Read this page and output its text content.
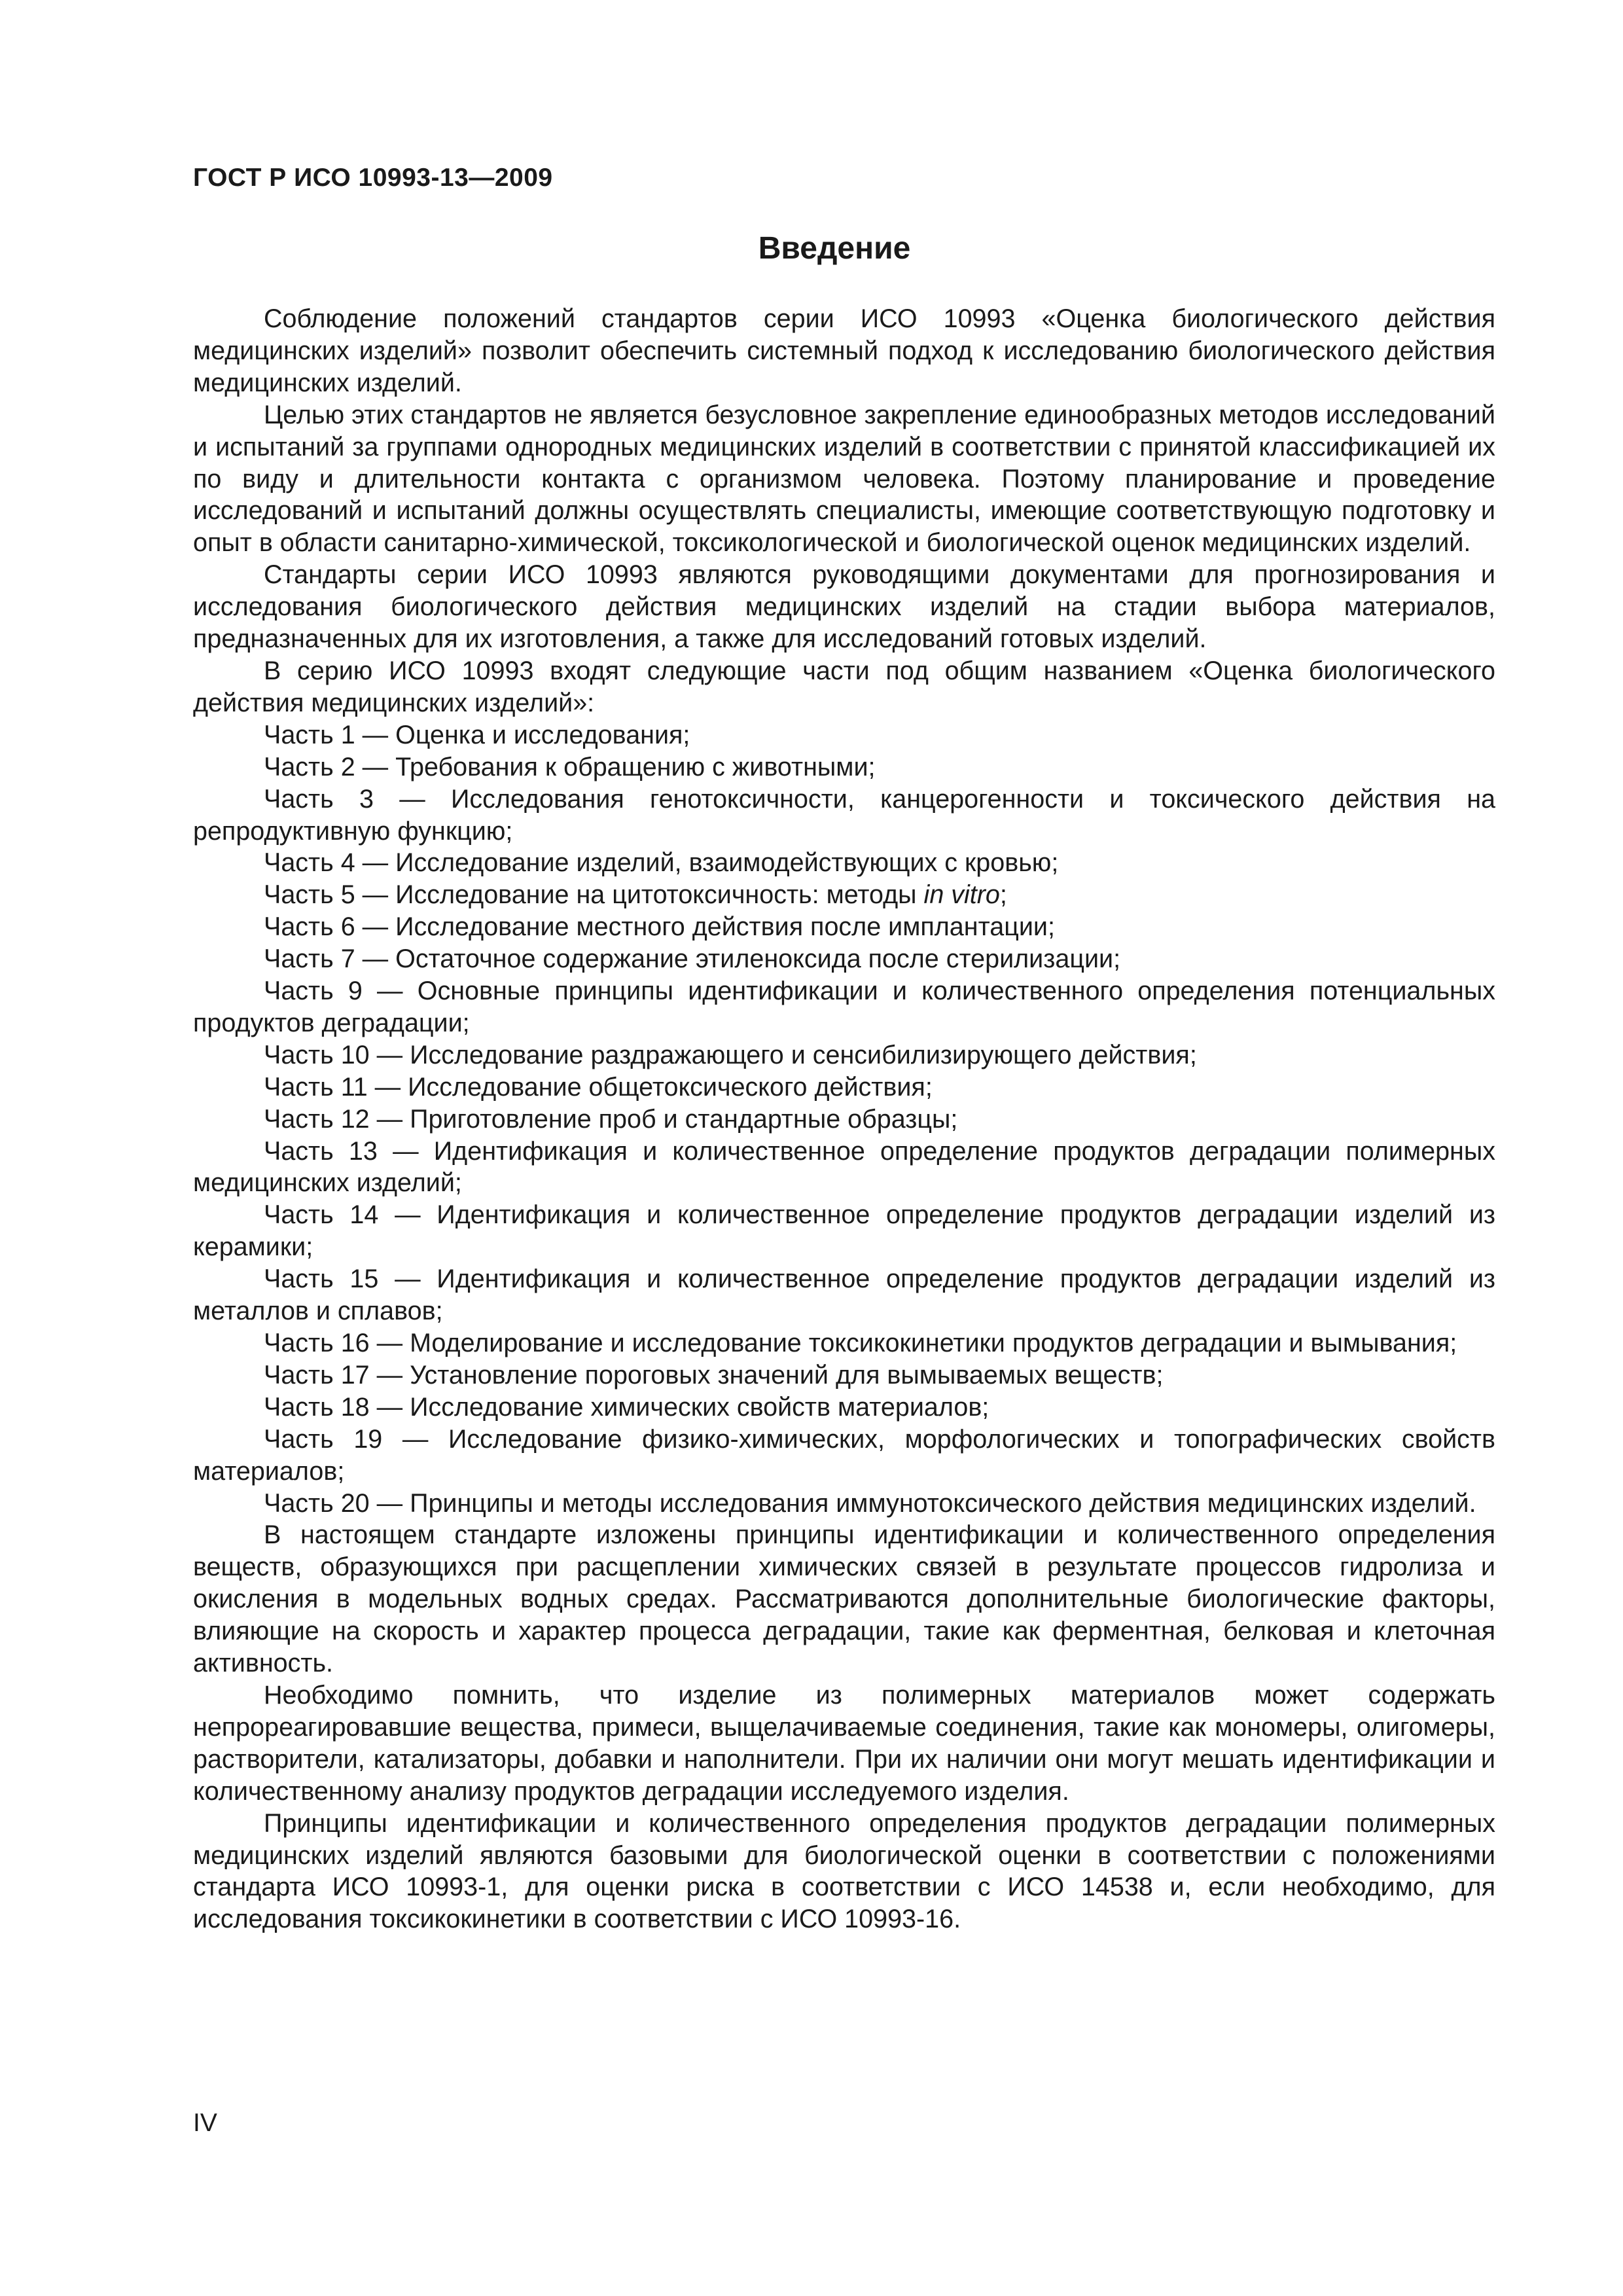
ГОСТ Р ИСО 10993-13—2009
Введение

Соблюдение положений стандартов серии ИСО 10993 «Оценка биологического действия медицинских изделий» позволит обеспечить системный подход к исследованию биологического действия медицинских изделий.

Целью этих стандартов не является безусловное закрепление единообразных методов исследований и испытаний за группами однородных медицинских изделий в соответствии с принятой классификацией их по виду и длительности контакта с организмом человека. Поэтому планирование и проведение исследований и испытаний должны осуществлять специалисты, имеющие соответствующую подготовку и опыт в области санитарно-химической, токсикологической и биологической оценок медицинских изделий.

Стандарты серии ИСО 10993 являются руководящими документами для прогнозирования и исследования биологического действия медицинских изделий на стадии выбора материалов, предназначенных для их изготовления, а также для исследований готовых изделий.

В серию ИСО 10993 входят следующие части под общим названием «Оценка биологического действия медицинских изделий»:

Часть 1 — Оценка и исследования;

Часть 2 — Требования к обращению с животными;

Часть 3 — Исследования генотоксичности, канцерогенности и токсического действия на репродуктивную функцию;

Часть 4 — Исследование изделий, взаимодействующих с кровью;

Часть 5 — Исследование на цитотоксичность: методы in vitro;

Часть 6 — Исследование местного действия после имплантации;

Часть 7 — Остаточное содержание этиленоксида после стерилизации;

Часть 9 — Основные принципы идентификации и количественного определения потенциальных продуктов деградации;

Часть 10 — Исследование раздражающего и сенсибилизирующего действия;

Часть 11 — Исследование общетоксического действия;

Часть 12 — Приготовление проб и стандартные образцы;

Часть 13 — Идентификация и количественное определение продуктов деградации полимерных медицинских изделий;

Часть 14 — Идентификация и количественное определение продуктов деградации изделий из керамики;

Часть 15 — Идентификация и количественное определение продуктов деградации изделий из металлов и сплавов;

Часть 16 — Моделирование и исследование токсикокинетики продуктов деградации и вымывания;

Часть 17 — Установление пороговых значений для вымываемых веществ;

Часть 18 — Исследование химических свойств материалов;

Часть 19 — Исследование физико-химических, морфологических и топографических свойств материалов;

Часть 20 — Принципы и методы исследования иммунотоксического действия медицинских изделий.

В настоящем стандарте изложены принципы идентификации и количественного определения веществ, образующихся при расщеплении химических связей в результате процессов гидролиза и окисления в модельных водных средах. Рассматриваются дополнительные биологические факторы, влияющие на скорость и характер процесса деградации, такие как ферментная, белковая и клеточная активность.

Необходимо помнить, что изделие из полимерных материалов может содержать непрореагировавшие вещества, примеси, выщелачиваемые соединения, такие как мономеры, олигомеры, растворители, катализаторы, добавки и наполнители. При их наличии они могут мешать идентификации и количественному анализу продуктов деградации исследуемого изделия.

Принципы идентификации и количественного определения продуктов деградации полимерных медицинских изделий являются базовыми для биологической оценки в соответствии с положениями стандарта ИСО 10993-1, для оценки риска в соответствии с ИСО 14538 и, если необходимо, для исследования токсикокинетики в соответствии с ИСО 10993-16.

IV
